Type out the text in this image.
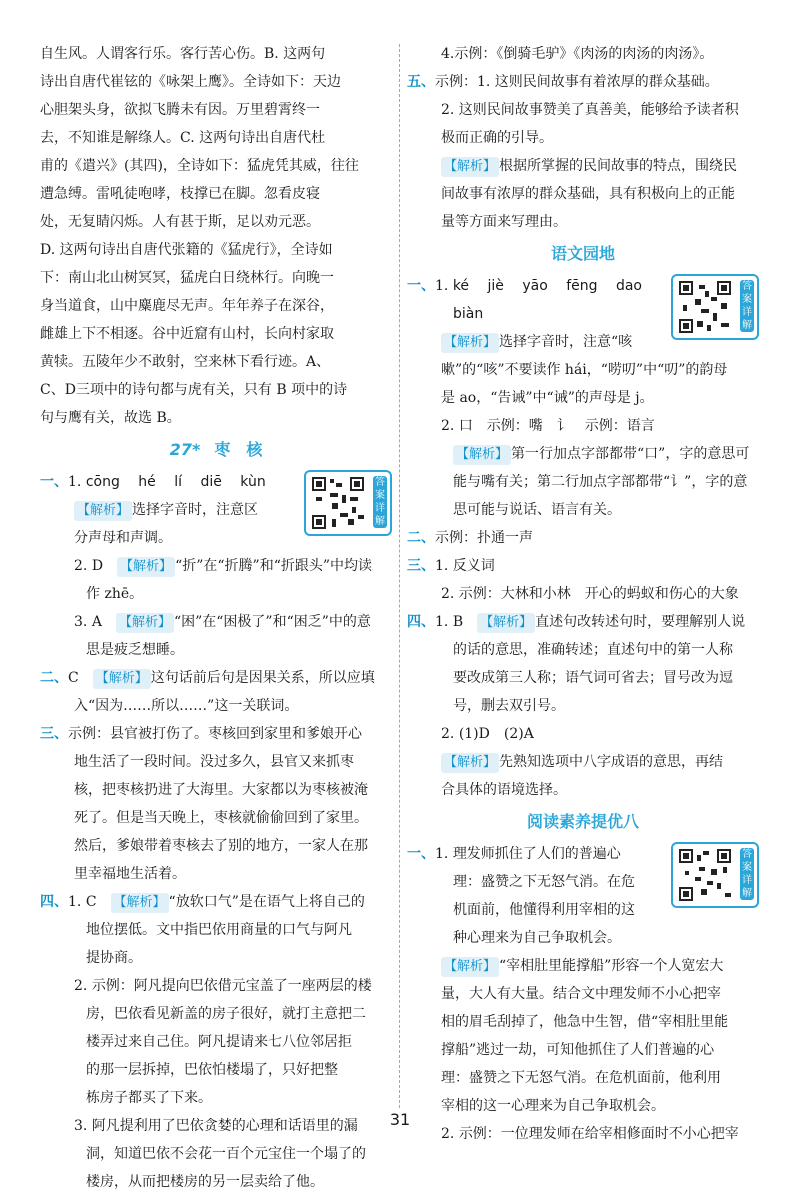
自生风。人谓客行乐。客行苦心伤。B. 这两句

诗出自唐代崔铉的《咏架上鹰》。全诗如下：天边

心胆架头身，欲拟飞腾未有因。万里碧霄终一

去，不知谁是解绦人。C. 这两句诗出自唐代杜

甫的《遣兴》(其四)，全诗如下：猛虎凭其威，往往

遭急缚。雷吼徒咆哮，枝撑已在脚。忽看皮寝

处，无复睛闪烁。人有甚于斯，足以劝元恶。

D. 这两句诗出自唐代张籍的《猛虎行》，全诗如

下：南山北山树冥冥，猛虎白日绕林行。向晚一

身当道食，山中麋鹿尽无声。年年养子在深谷，

雌雄上下不相逐。谷中近窟有山村，长向村家取

黄犊。五陵年少不敢射，空来林下看行迹。A、

C、D三项中的诗句都与虎有关，只有 B 项中的诗

句与鹰有关，故选 B。

27* 枣　核
答案详解

一、1. cōng hé lí diē kùn

【解析】 选择字音时，注意区

分声母和声调。

2. D　 【解析】 “折”在“折腾”和“折跟头”中均读

作 zhē。

3. A　 【解析】 “困”在“困极了”和“困乏”中的意

思是疲乏想睡。

二、C　 【解析】 这句话前后句是因果关系，所以应填

入“因为……所以……”这一关联词。

三、示例：县官被打伤了。枣核回到家里和爹娘开心

地生活了一段时间。没过多久，县官又来抓枣

核，把枣核扔进了大海里。大家都以为枣核被淹

死了。但是当天晚上，枣核就偷偷回到了家里。

然后，爹娘带着枣核去了别的地方，一家人在那

里幸福地生活着。

四、1. C　 【解析】 “放软口气”是在语气上将自己的

地位摆低。文中指巴依用商量的口气与阿凡

提协商。

2. 示例：阿凡提向巴依借元宝盖了一座两层的楼

房，巴依看见新盖的房子很好，就打主意把二

楼弄过来自己住。阿凡提请来七八位邻居拒

的那一层拆掉，巴依怕楼塌了，只好把整

栋房子都买了下来。

3. 阿凡提利用了巴依贪婪的心理和话语里的漏

洞，知道巴依不会花一百个元宝住一个塌了的

楼房，从而把楼房的另一层卖给了他。

4.示例：《倒骑毛驴》《肉汤的肉汤的肉汤》。

五、示例：1. 这则民间故事有着浓厚的群众基础。

2. 这则民间故事赞美了真善美，能够给予读者积

极而正确的引导。

【解析】 根据所掌握的民间故事的特点，围绕民

间故事有浓厚的群众基础，具有积极向上的正能

量等方面来写理由。

语文园地
答案详解

一、1. ké jiè yāo fēng dao

biàn

【解析】 选择字音时，注意“咳

嗽”的“咳”不要读作 hái，“唠叨”中“叨”的韵母

是 ao，“告诫”中“诫”的声母是 j。

2. 口　示例：嘴　讠　示例：语言

【解析】 第一行加点字部都带“口”，字的意思可

能与嘴有关；第二行加点字部都带“讠”，字的意

思可能与说话、语言有关。

二、示例：扑通一声

三、1. 反义词

2. 示例：大林和小林　开心的蚂蚁和伤心的大象

四、1. B　 【解析】 直述句改转述句时，要理解别人说

的话的意思，准确转述；直述句中的第一人称

要改成第三人称；语气词可省去；冒号改为逗

号，删去双引号。

2. (1)D　(2)A

【解析】 先熟知选项中八字成语的意思，再结

合具体的语境选择。

阅读素养提优八
答案详解

一、1. 理发师抓住了人们的普遍心

理：盛赞之下无怒气消。在危

机面前，他懂得利用宰相的这

种心理来为自己争取机会。

【解析】 “宰相肚里能撑船”形容一个人宽宏大

量，大人有大量。结合文中理发师不小心把宰

相的眉毛刮掉了，他急中生智，借“宰相肚里能

撑船”逃过一劫，可知他抓住了人们普遍的心

理：盛赞之下无怒气消。在危机面前，他利用

宰相的这一心理来为自己争取机会。

2. 示例：一位理发师在给宰相修面时不小心把宰

31
